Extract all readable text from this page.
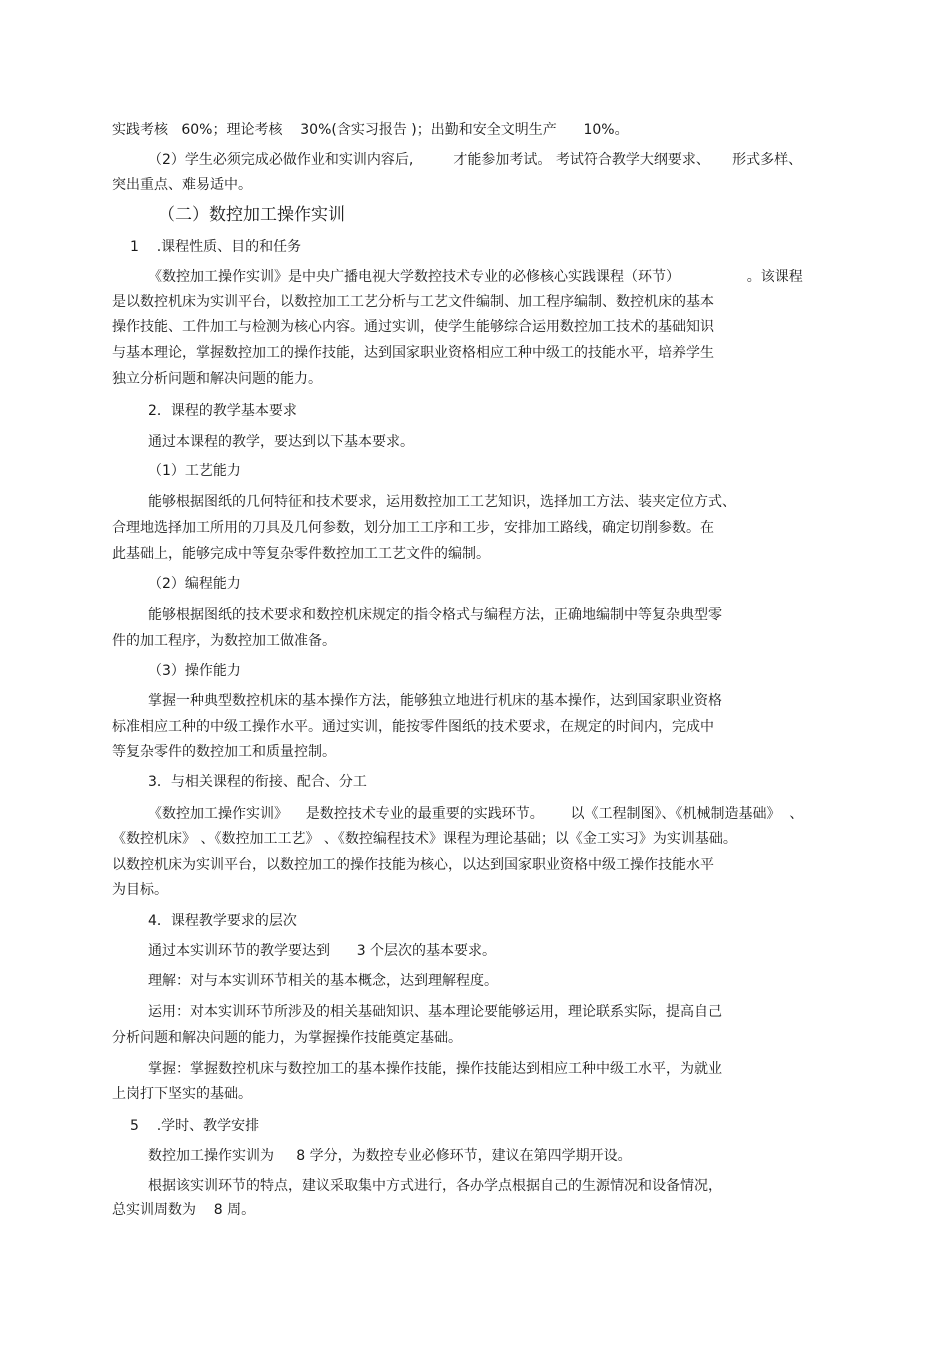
实践考核   60%；理论考核    30%(含实习报告 )；出勤和安全文明生产      10%。
（2）学生必须完成必做作业和实训内容后,         才能参加考试。 考试符合教学大纲要求、     形式多样、
突出重点、难易适中。
（二）数控加工操作实训
1    .课程性质、目的和任务
《数控加工操作实训》是中央广播电视大学数控技术专业的必修核心实践课程（环节）               。该课程
是以数控机床为实训平台，以数控加工工艺分析与工艺文件编制、加工程序编制、数控机床的基本
操作技能、工件加工与检测为核心内容。通过实训，使学生能够综合运用数控加工技术的基础知识
与基本理论，掌握数控加工的操作技能，达到国家职业资格相应工种中级工的技能水平，培养学生
独立分析问题和解决问题的能力。
2．课程的教学基本要求
通过本课程的教学，要达到以下基本要求。
（1）工艺能力
能够根据图纸的几何特征和技术要求，运用数控加工工艺知识，选择加工方法、装夹定位方式、
合理地选择加工所用的刀具及几何参数，划分加工工序和工步，安排加工路线，确定切削参数。在
此基础上，能够完成中等复杂零件数控加工工艺文件的编制。
（2）编程能力
能够根据图纸的技术要求和数控机床规定的指令格式与编程方法，正确地编制中等复杂典型零
件的加工程序，为数控加工做准备。
（3）操作能力
掌握一种典型数控机床的基本操作方法，能够独立地进行机床的基本操作，达到国家职业资格
标准相应工种的中级工操作水平。通过实训，能按零件图纸的技术要求，在规定的时间内，完成中
等复杂零件的数控加工和质量控制。
3．与相关课程的衔接、配合、分工
《数控加工操作实训》    是数控技术专业的最重要的实践环节。      以《工程制图》、《机械制造基础》  、
《数控机床》 、《数控加工工艺》 、《数控编程技术》课程为理论基础；以《金工实习》为实训基础。
以数控机床为实训平台，以数控加工的操作技能为核心，以达到国家职业资格中级工操作技能水平
为目标。
4．课程教学要求的层次
通过本实训环节的教学要达到      3 个层次的基本要求。
理解：对与本实训环节相关的基本概念，达到理解程度。
运用：对本实训环节所涉及的相关基础知识、基本理论要能够运用，理论联系实际，提高自己
分析问题和解决问题的能力，为掌握操作技能奠定基础。
掌握：掌握数控机床与数控加工的基本操作技能，操作技能达到相应工种中级工水平，为就业
上岗打下坚实的基础。
5    .学时、教学安排
数控加工操作实训为     8 学分，为数控专业必修环节，建议在第四学期开设。
根据该实训环节的特点，建议采取集中方式进行，各办学点根据自己的生源情况和设备情况，
总实训周数为    8 周。
